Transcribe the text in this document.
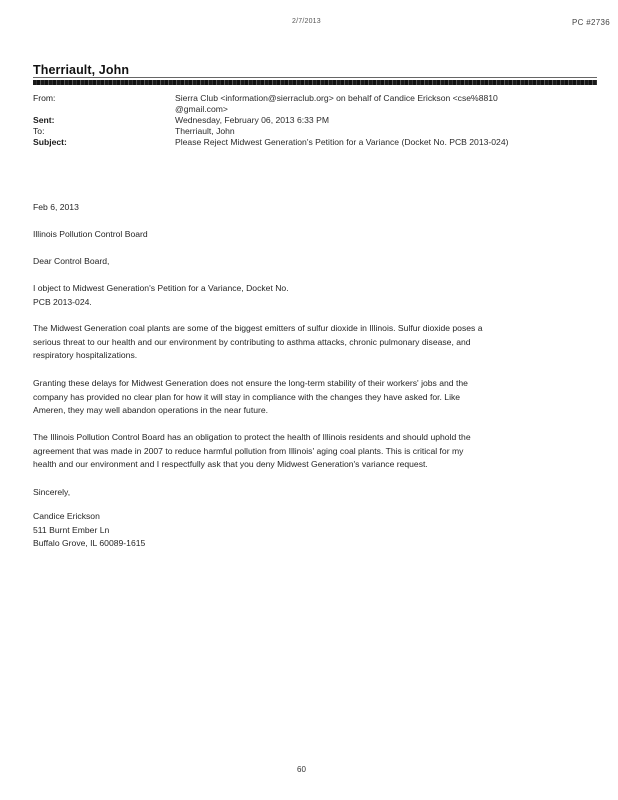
2/7/2013	PC #2736
Therriault, John
From:	Sierra Club <information@sierraclub.org> on behalf of Candice Erickson <cse%8810
@gmail.com>
Sent:	Wednesday, February 06, 2013 6:33 PM
To:	Therriault, John
Subject:	Please Reject Midwest Generation's Petition for a Variance (Docket No. PCB 2013-024)
Feb 6, 2013
Illinois Pollution Control Board
Dear Control Board,

I object to Midwest Generation's Petition for a Variance, Docket No.

PCB 2013-024.

The Midwest Generation coal plants are some of the biggest emitters of sulfur dioxide in Illinois. Sulfur dioxide poses a

serious threat to our health and our environment by contributing to asthma attacks, chronic pulmonary disease, and

respiratory hospitalizations.

Granting these delays for Midwest Generation does not ensure the long-term stability of their workers' jobs and the

company has provided no clear plan for how it will stay in compliance with the changes they have asked for. Like

Ameren, they may well abandon operations in the near future.

The Illinois Pollution Control Board has an obligation to protect the health of Illinois residents and should uphold the

agreement that was made in 2007 to reduce harmful pollution from Illinois' aging coal plants. This is critical for my

health and our environment and I respectfully ask that you deny Midwest Generation's variance request.

Sincerely,

Candice Erickson

511 Burnt Ember Ln

Buffalo Grove, IL 60089-1615

60
